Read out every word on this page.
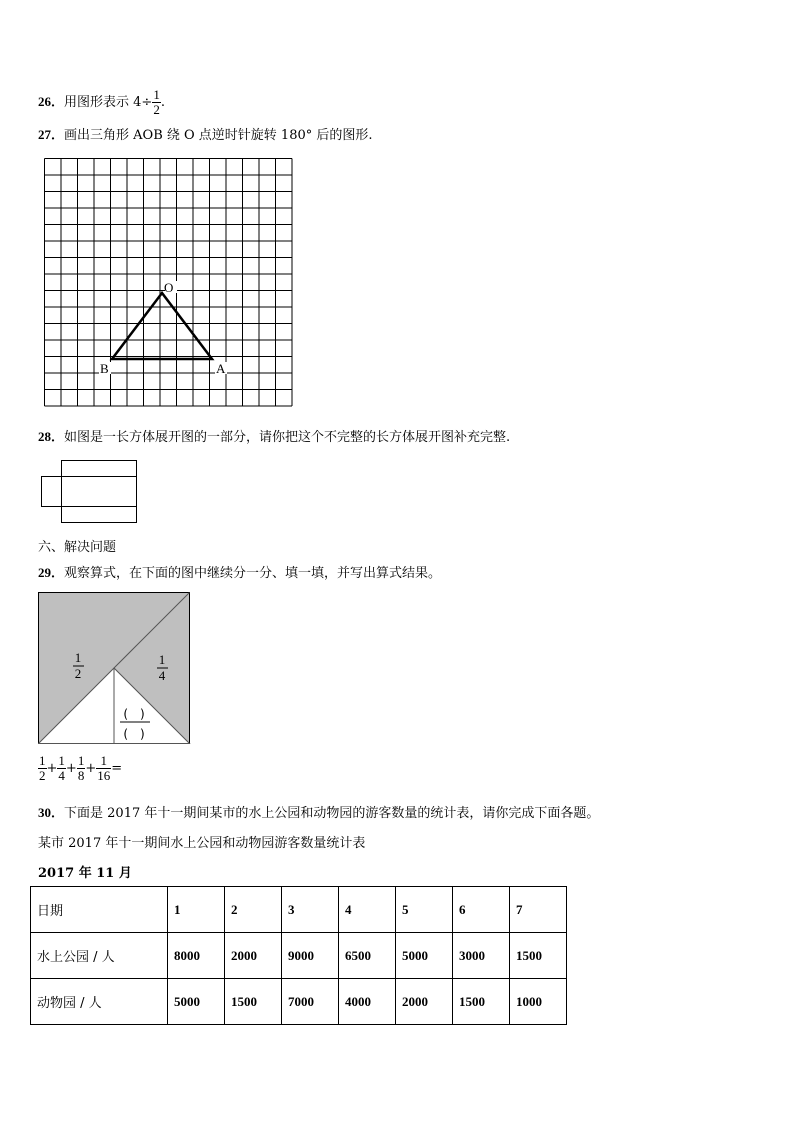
26．用图形表示 $4\div \frac{1}{2}$ .
27．画出三角形 AOB 绕 O 点逆时针旋转 180° 后的图形.
O
B	A
28．如图是一长方体展开图的一部分，请你把这个不完整的长方体展开图补充完整.
六、解决问题
29．观察算式，在下面的图中继续分一分、填一填，并写出算式结果。
1
2
1
4
(　)
(　)
$\frac{1}{2} + \frac{1}{4} + \frac{1}{8} + \frac{1}{16}$ =
30．下面是 2017 年十一期间某市的水上公园和动物园的游客数量的统计表，请你完成下面各题。
某市 2017 年十一期间水上公园和动物园游客数量统计表
2017 年 11 月
日期	1	2	3	4	5	6	7
水上公园 / 人	8000	2000	9000	6500	5000	3000	1500
动物园 / 人	5000	1500	7000	4000	2000	1500	1000
